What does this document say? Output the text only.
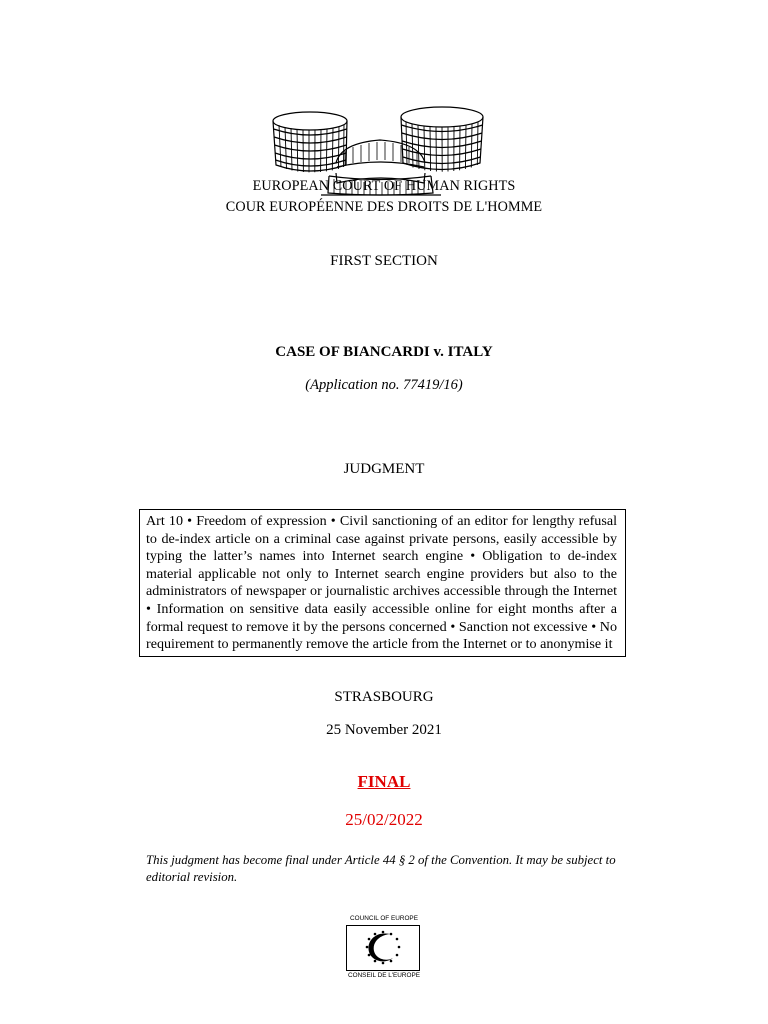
EUROPEAN COURT OF HUMAN RIGHTS
COUR EUROPÉENNE DES DROITS DE L'HOMME
FIRST SECTION
CASE OF BIANCARDI v. ITALY
(Application no. 77419/16)
JUDGMENT
Art 10 • Freedom of expression • Civil sanctioning of an editor for lengthy refusal to de-index article on a criminal case against private persons, easily accessible by typing the latter’s names into Internet search engine • Obligation to de-index material applicable not only to Internet search engine providers but also to the administrators of newspaper or journalistic archives accessible through the Internet • Information on sensitive data easily accessible online for eight months after a formal request to remove it by the persons concerned • Sanction not excessive • No requirement to permanently remove the article from the Internet or to anonymise it
STRASBOURG
25 November 2021
FINAL
25/02/2022
This judgment has become final under Article 44 § 2 of the Convention. It may be subject to editorial revision.
COUNCIL OF EUROPE
CONSEIL DE L'EUROPE
